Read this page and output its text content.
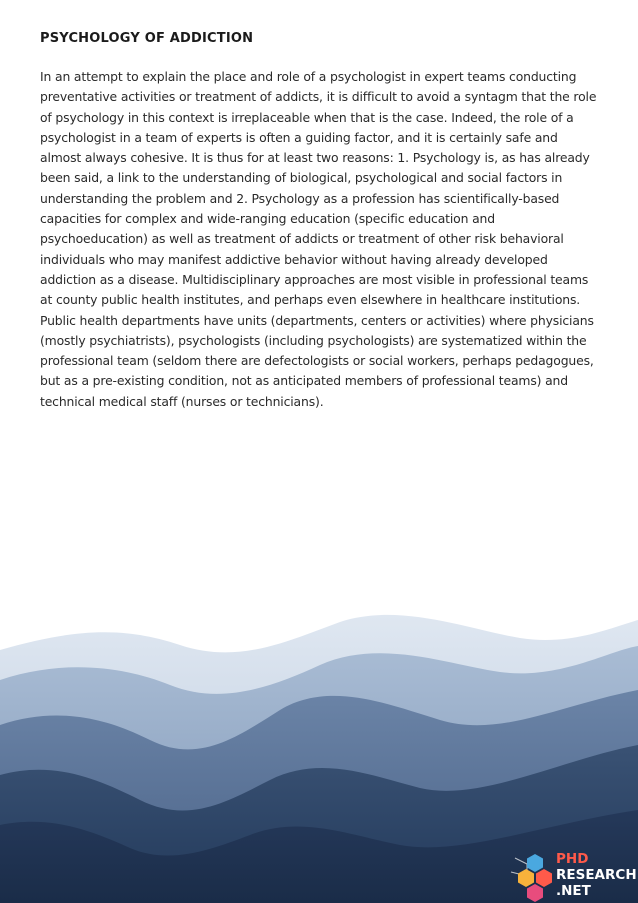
PSYCHOLOGY OF ADDICTION

In an attempt to explain the place and role of a psychologist in expert teams conducting preventative activities or treatment of addicts, it is difficult to avoid a syntagm that the role of psychology in this context is irreplaceable when that is the case. Indeed, the role of a psychologist in a team of experts is often a guiding factor, and it is certainly safe and almost always cohesive. It is thus for at least two reasons: 1. Psychology is, as has already been said, a link to the understanding of biological, psychological and social factors in understanding the problem and 2. Psychology as a profession has scientifically-based capacities for complex and wide-ranging education (specific education and psychoeducation) as well as treatment of addicts or treatment of other risk behavioral individuals who may manifest addictive behavior without having already developed addiction as a disease. Multidisciplinary approaches are most visible in professional teams at county public health institutes, and perhaps even elsewhere in healthcare institutions. Public health departments have units (departments, centers or activities) where physicians (mostly psychiatrists), psychologists (including psychologists) are systematized within the professional team (seldom there are defectologists or social workers, perhaps pedagogues, but as a pre-existing condition, not as anticipated members of professional teams) and technical medical staff (nurses or technicians).

PHD
RESEARCH
.NET
